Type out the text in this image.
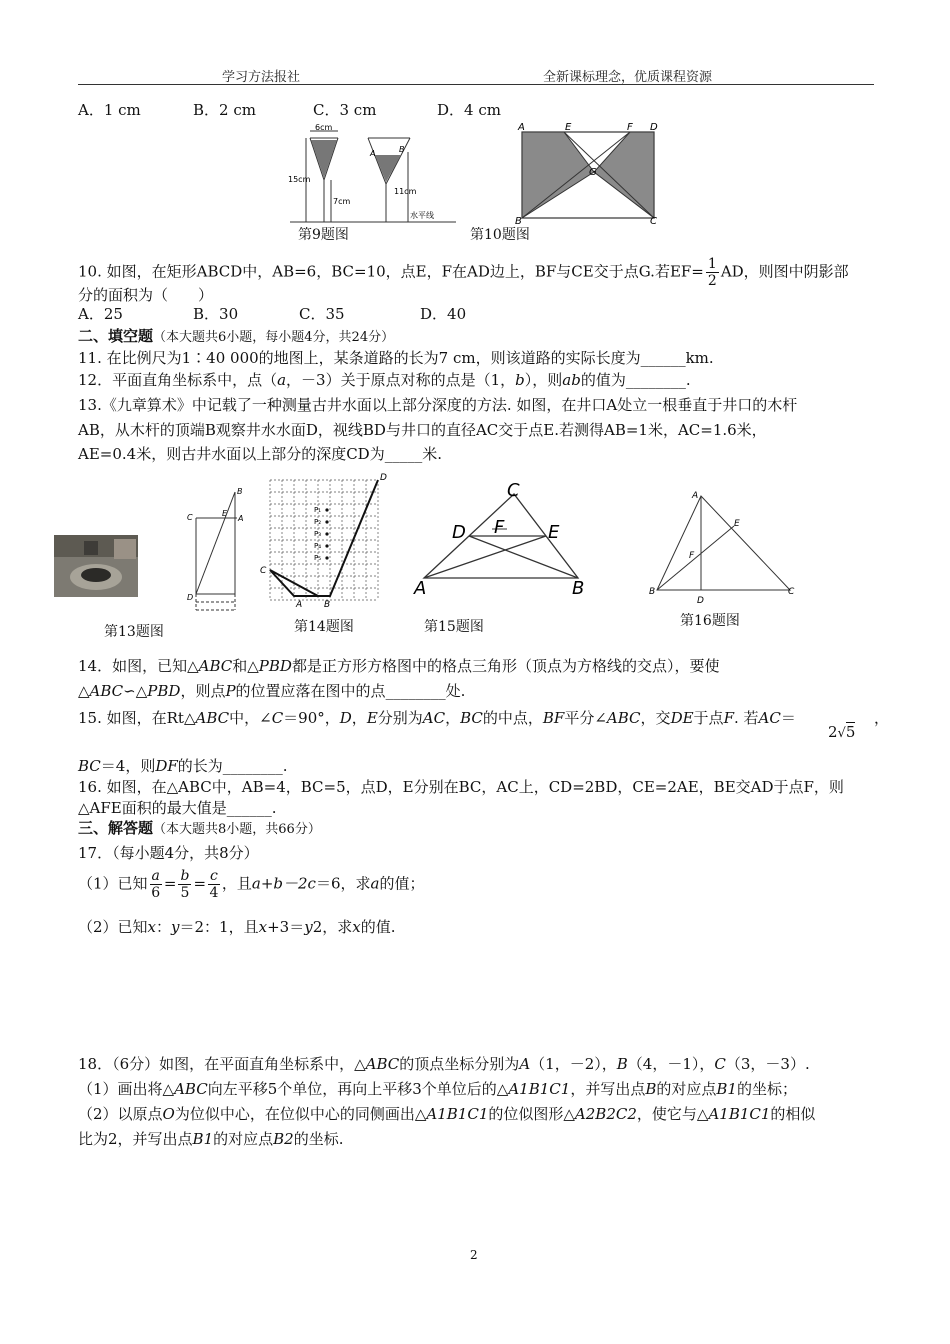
学习方法报社	全新课标理念，优质课程资源
A．1 cm	B．2 cm	C．3 cm	D．4 cm
6cm
15cm
7cm
A	B
11cm
水平线
第9题图
A	E	F D
G
B	C
第10题图
10. 如图，在矩形ABCD中，AB=6，BC=10，点E，F在AD边上，BF与CE交于点G.若$EF= \frac{1}{2}$ AD，则图中阴影部
分的面积为（　　）
A．25	B．30	C．35	D．40
二、填空题（本大题共6小题，每小题4分，共24分）
11. 在比例尺为1∶40 000的地图上，某条道路的长为7 cm，则该道路的实际长度为______km.
12．平面直角坐标系中，点（a，－3）关于原点对称的点是（1，b），则ab的值为________.
13.《九章算术》中记载了一种测量古井水面以上部分深度的方法. 如图，在井口A处立一根垂直于井口的木杆
AB，从木杆的顶端B观察井水水面D，视线BD与井口的直径AC交于点E.若测得AB=1米，AC=1.6米，
AE=0.4米，则古井水面以上部分的深度CD为_____米.
C	E
A
B
D
第13题图
P₁
P₂
P₃
P₄
P₅
D
C
A B
第14题图
C
D F E
A	B
第15题图
A
E
F
B
D
C
第16题图
14．如图，已知△ABC和△PBD都是正方形方格图中的格点三角形（顶点为方格线的交点），要使
△ABC∽△PBD，则点P的位置应落在图中的点________处.
15. 如图，在Rt△ABC中，∠C＝90°，D，E分别为AC，BC的中点，BF平分∠ABC，交DE于点F. 若AC＝
2√5
，
BC＝4，则DF的长为________.
16. 如图，在△ABC中，AB=4，BC=5，点D，E分别在BC，AC上，CD=2BD，CE=2AE，BE交AD于点F，则
△AFE面积的最大值是______.
三、解答题（本大题共8小题，共66分）
17．（每小题4分，共8分）
（1）已知 $\frac{a}{6} = \frac{b}{5} = \frac{c}{4}$ ，且a+b－2c＝6，求a的值；
（2）已知x：y＝2：1，且x+3＝y2，求x的值.
18．（6分）如图，在平面直角坐标系中，△ABC的顶点坐标分别为A（1，－2），B（4，－1），C（3，－3）.
（1）画出将△ABC向左平移5个单位，再向上平移3个单位后的△A1B1C1，并写出点B的对应点B1的坐标；
（2）以原点O为位似中心，在位似中心的同侧画出△A1B1C1的位似图形△A2B2C2，使它与△A1B1C1的相似
比为2，并写出点B1的对应点B2的坐标.
2
